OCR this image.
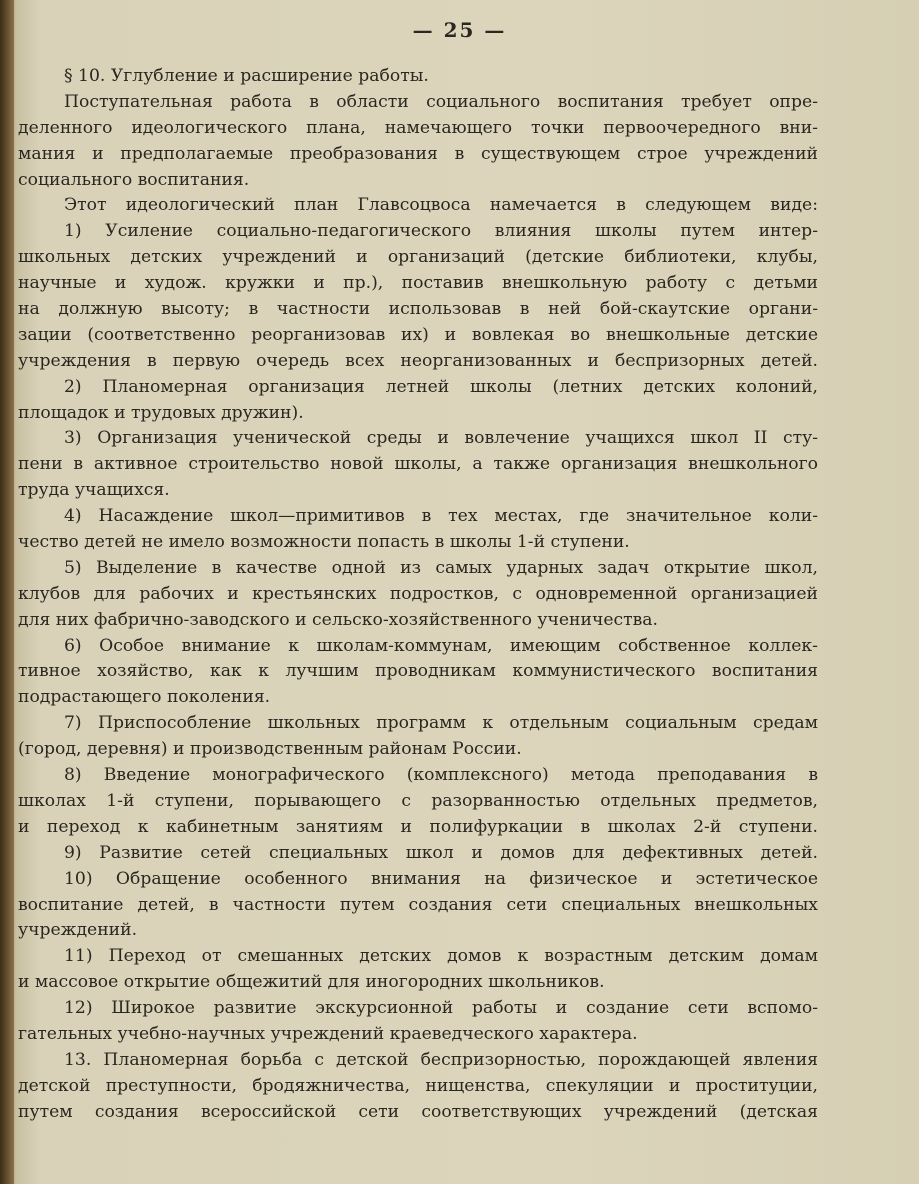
— 25 —
§ 10. Углубление и расширение работы.
Поступательная работа в области социального воспитания требует опре-
деленного идеологического плана, намечающего точки первоочередного вни-
мания и предполагаемые преобразования в существующем строе учреждений
социального воспитания.
Этот идеологический план Главсоцвоса намечается в следующем виде:
1) Усиление социально-педагогического влияния школы путем интер-
школьных детских учреждений и организаций (детские библиотеки, клубы,
научные и худож. кружки и пр.), поставив внешкольную работу с детьми
на должную высоту; в частности использовав в ней бой-скаутские органи-
зации (соответственно реорганизовав их) и вовлекая во внешкольные детские
учреждения в первую очередь всех неорганизованных и беспризорных детей.
2) Планомерная организация летней школы (летних детских колоний,
площадок и трудовых дружин).
3) Организация ученической среды и вовлечение учащихся школ II сту-
пени в активное строительство новой школы, а также организация внешкольного
труда учащихся.
4) Насаждение школ—примитивов в тех местах, где значительное коли-
чество детей не имело возможности попасть в школы 1-й ступени.
5) Выделение в качестве одной из самых ударных задач открытие школ,
клубов для рабочих и крестьянских подростков, с одновременной организацией
для них фабрично-заводского и сельско-хозяйственного ученичества.
6) Особое внимание к школам-коммунам, имеющим собственное коллек-
тивное хозяйство, как к лучшим проводникам коммунистического воспитания
подрастающего поколения.
7) Приспособление школьных программ к отдельным социальным средам
(город, деревня) и производственным районам России.
8) Введение монографического (комплексного) метода преподавания в
школах 1-й ступени, порывающего с разорванностью отдельных предметов,
и переход к кабинетным занятиям и полифуркации в школах 2-й ступени.
9) Развитие сетей специальных школ и домов для дефективных детей.
10) Обращение особенного внимания на физическое и эстетическое
воспитание детей, в частности путем создания сети специальных внешкольных
учреждений.
11) Переход от смешанных детских домов к возрастным детским домам
и массовое открытие общежитий для иногородних школьников.
12) Широкое развитие экскурсионной работы и создание сети вспомо-
гательных учебно-научных учреждений краеведческого характера.
13. Планомерная борьба с детской беспризорностью, порождающей явления
детской преступности, бродяжничества, нищенства, спекуляции и проституции,
путем создания всероссийской сети соответствующих учреждений (детская
